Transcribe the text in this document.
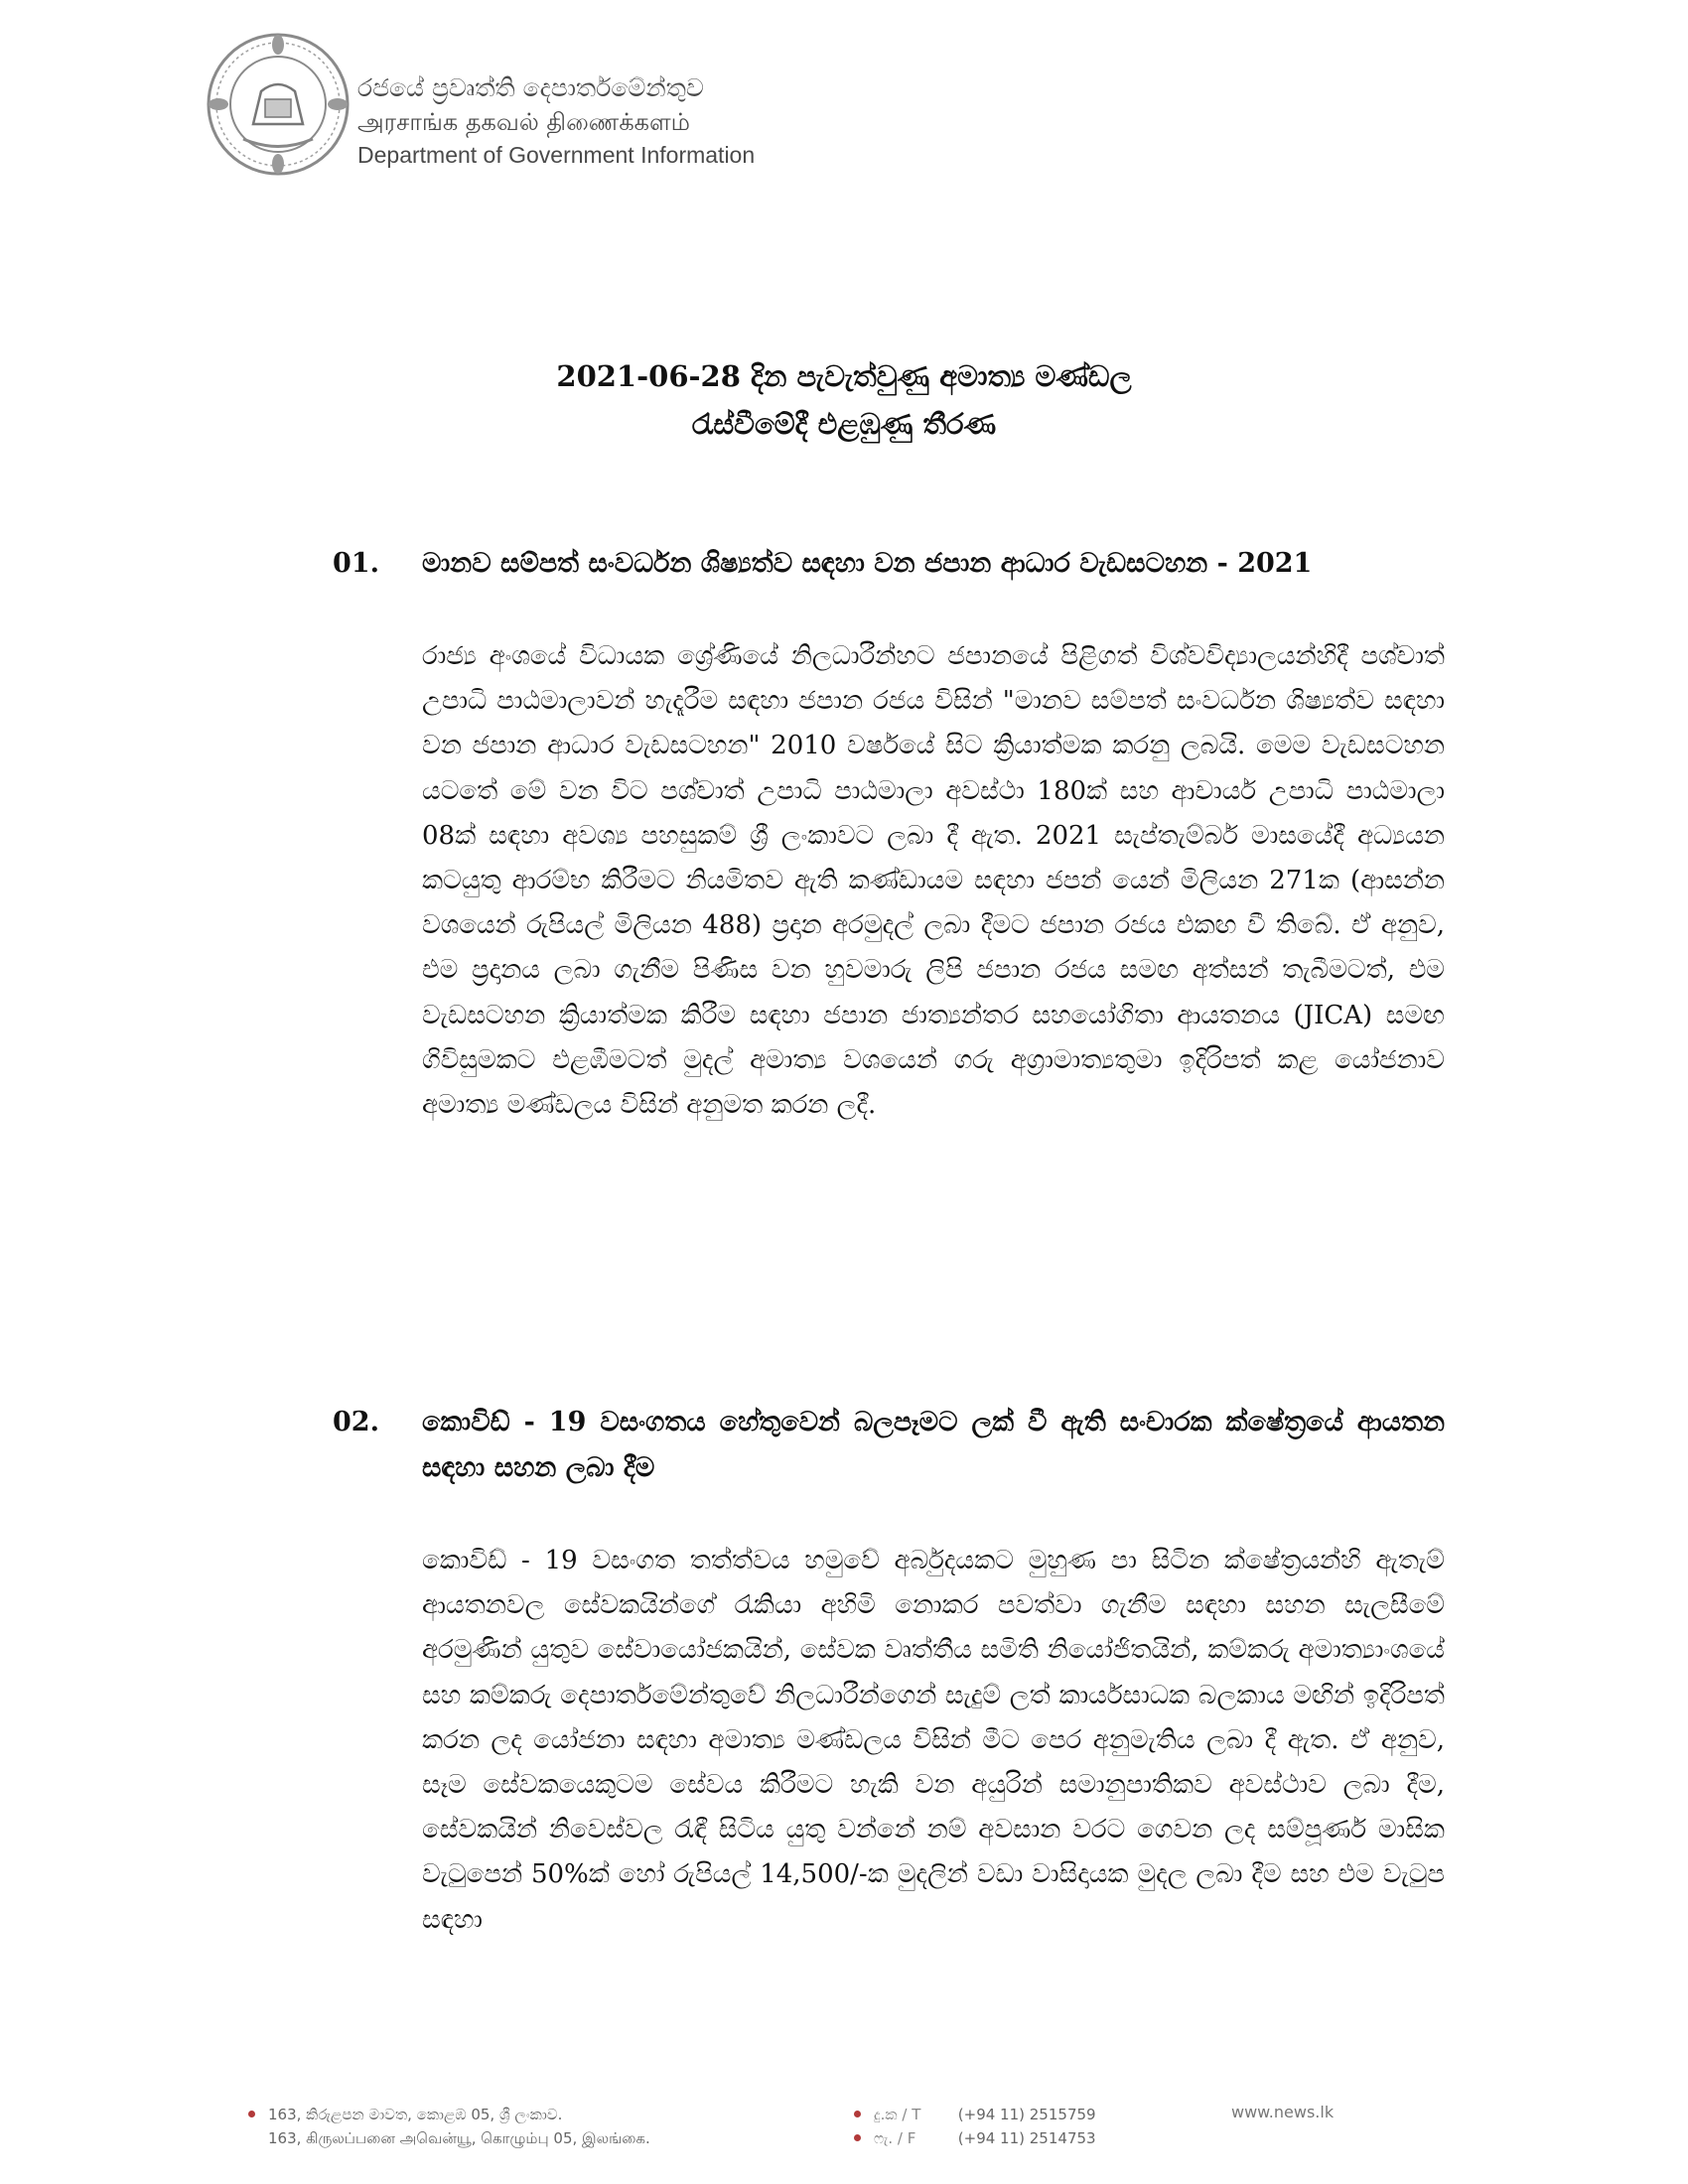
රජයේ ප්‍රවෘත්ති දෙපාර්තමේන්තුව
அரசாங்க தகவல் திணைக்களம்
Department of Government Information
2021-06-28 දින පැවැත්වුණු අමාත්‍ය මණ්ඩල
රැස්වීමේදී එළඹුණු තීරණ
01. මානව සම්පත් සංවර්ධන ශිෂ්‍යත්ව සඳහා වන ජපාන ආධාර වැඩසටහන - 2021

රාජ්‍ය අංශයේ විධායක ශ්‍රේණියේ නිලධාරීන්හට ජපානයේ පිළිගත් විශ්වවිද්‍යාලයන්හිදී පශ්චාත් උපාධි පාඨමාලාවන් හැදෑරීම සඳහා ජපාන රජය විසින් "මානව සම්පත් සංවර්ධන ශිෂ්‍යත්ව සඳහා වන ජපාන ආධාර වැඩසටහන" 2010 වර්ෂයේ සිට ක්‍රියාත්මක කරනු ලබයි. මෙම වැඩසටහන යටතේ මේ වන විට පශ්චාත් උපාධි පාඨමාලා අවස්ථා 180ක් සහ ආචාර්ය උපාධි පාඨමාලා 08ක් සඳහා අවශ්‍ය පහසුකම් ශ්‍රී ලංකාවට ලබා දී ඇත. 2021 සැප්තැම්බර් මාසයේදී අධ්‍යයන කටයුතු ආරම්භ කිරීමට නියමිතව ඇති කණ්ඩායම සඳහා ජපන් යෙන් මිලියන 271ක (ආසන්න වශයෙන් රුපියල් මිලියන 488) ප්‍රදාන අරමුදල් ලබා දීමට ජපාන රජය එකඟ වී තිබේ. ඒ අනුව, එම ප්‍රදානය ලබා ගැනීම පිණිස වන හුවමාරු ලිපි ජපාන රජය සමඟ අත්සන් තැබීමටත්, එම වැඩසටහන ක්‍රියාත්මක කිරීම සඳහා ජපාන ජාත්‍යන්තර සහයෝගිතා ආයතනය (JICA) සමඟ ගිවිසුමකට එළඹීමටත් මුදල් අමාත්‍ය වශයෙන් ගරු අග්‍රාමාත්‍යතුමා ඉදිරිපත් කළ යෝජනාව අමාත්‍ය මණ්ඩලය විසින් අනුමත කරන ලදී.

02. කොවිඩ් - 19 වසංගතය හේතුවෙන් බලපෑමට ලක් වී ඇති සංචාරක ක්ෂේත්‍රයේ ආයතන සඳහා සහන ලබා දීම

කොවිඩ් - 19 වසංගත තත්ත්වය හමුවේ අර්බුදයකට මුහුණ පා සිටින ක්ෂේත්‍රයන්හි ඇතැම් ආයතනවල සේවකයින්ගේ රැකියා අහිමි නොකර පවත්වා ගැනීම සඳහා සහන සැලසීමේ අරමුණින් යුතුව සේවායෝජකයින්, සේවක වෘත්තීය සමිති නියෝජිතයින්, කම්කරු අමාත්‍යාංශයේ සහ කම්කරු දෙපාර්තමේන්තුවේ නිලධාරීන්ගෙන් සැදුම් ලත් කාර්යසාධක බලකාය මඟින් ඉදිරිපත් කරන ලද යෝජනා සඳහා අමාත්‍ය මණ්ඩලය විසින් මීට පෙර අනුමැතිය ලබා දී ඇත. ඒ අනුව, සෑම සේවකයෙකුටම සේවය කිරීමට හැකි වන අයුරින් සමානුපාතිකව අවස්ථාව ලබා දීම, සේවකයින් නිවෙස්වල රැඳී සිටිය යුතු වන්නේ නම් අවසාන වරට ගෙවන ලද සම්පූර්ණ මාසික වැටුපෙන් 50%ක් හෝ රුපියල් 14,500/-ක මුදලින් වඩා වාසිදායක මුදල ලබා දීම සහ එම වැටුප සඳහා

163, කිරුළපන මාවත, කොළඹ 05, ශ්‍රී ලංකාව.
163, கிருலப்பனை அவென்யூ, கொழும்பு 05, இலங்கை.
දු.ක / T (+94 11) 2515759
ෆැ. / F	(+94 11) 2514753
www.news.lk
